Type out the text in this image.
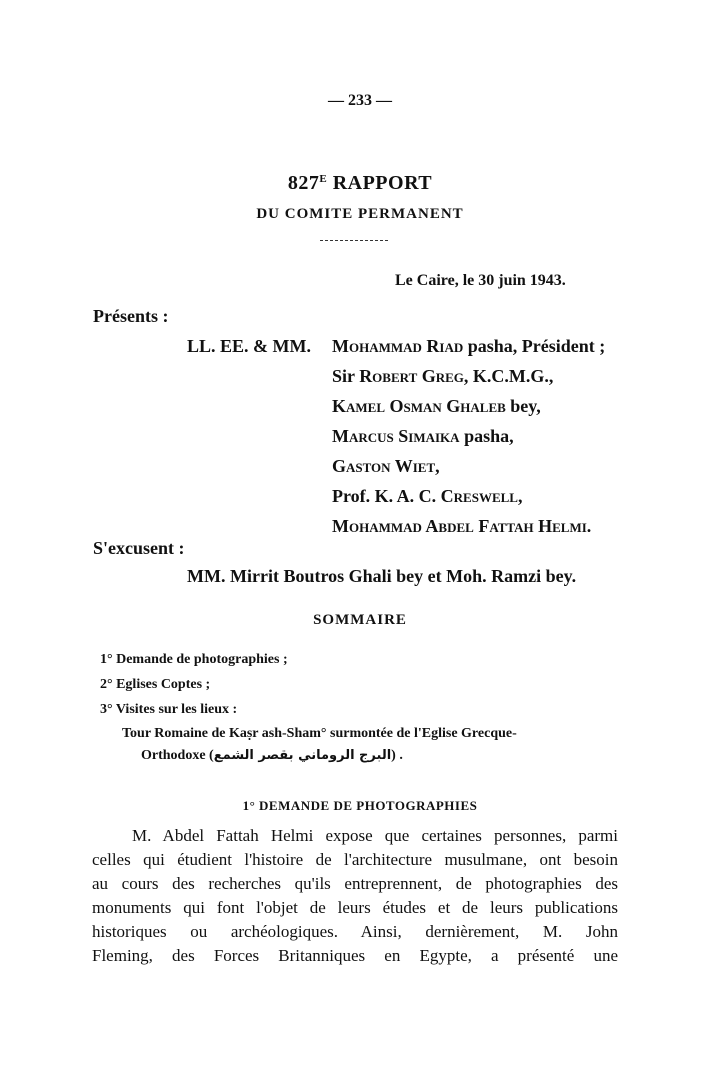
— 233 —
$827^E$ RAPPORT
DU COMITE PERMANENT
Le Caire, le 30 juin 1943.
Présents :
LL. EE. & MM. Mohammad Riad pasha, Président ;
Sir Robert Greg, K.C.M.G.,
Kamel Osman Ghaleb bey,
Marcus Simaika pasha,
Gaston Wiet,
Prof. K. A. C. Creswell,
Mohammad Abdel Fattah Helmi.
S'excusent :
MM. Mirrit Boutros Ghali bey et Moh. Ramzi bey.
SOMMAIRE
1° Demande de photographies ;
2° Eglises Coptes ;
3° Visites sur les lieux :
Tour Romaine de Kaṣr ash-Sham° surmontée de l'Eglise Grecque-
Orthodoxe (البرج الروماني بقصر الشمع) .
1° DEMANDE DE PHOTOGRAPHIES
M. Abdel Fattah Helmi expose que certaines personnes, parmi
celles qui étudient l'histoire de l'architecture musulmane, ont besoin
au cours des recherches qu'ils entreprennent, de photographies des
monuments qui font l'objet de leurs études et de leurs publications
historiques ou archéologiques. Ainsi, dernièrement, M. John
Fleming, des Forces Britanniques en Egypte, a présenté une
